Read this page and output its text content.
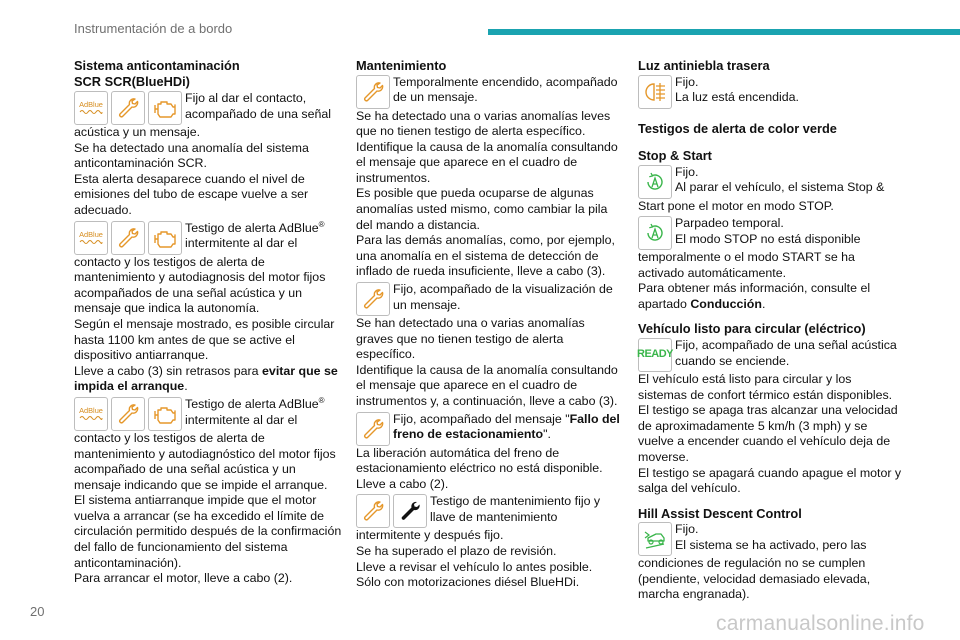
Instrumentación de a bordo
Sistema anticontaminación
SCR SCR(BlueHDi)
AdBlue	Fijo al dar el contacto, acompañado de una señal

acústica y un mensaje.

Se ha detectado una anomalía del sistema anticontaminación SCR.

Esta alerta desaparece cuando el nivel de emisiones del tubo de escape vuelve a ser adecuado.

AdBlue	Testigo de alerta AdBlue® intermitente al dar el

contacto y los testigos de alerta de mantenimiento y autodiagnosis del motor fijos acompañados de una señal acústica y un mensaje que indica la autonomía.

Según el mensaje mostrado, es posible circular hasta 1100 km antes de que se active el dispositivo antiarranque.

Lleve a cabo (3) sin retrasos para evitar que se impida el arranque.

AdBlue	Testigo de alerta AdBlue® intermitente al dar el

contacto y los testigos de alerta de mantenimiento y autodiagnóstico del motor fijos acompañado de una señal acústica y un mensaje indicando que se impide el arranque.

El sistema antiarranque impide que el motor vuelva a arrancar (se ha excedido el límite de circulación permitido después de la confirmación del fallo de funcionamiento del sistema anticontaminación).

Para arrancar el motor, lleve a cabo (2).

Mantenimiento
Temporalmente encendido, acompañado de un mensaje.

Se ha detectado una o varias anomalías leves que no tienen testigo de alerta específico.

Identifique la causa de la anomalía consultando el mensaje que aparece en el cuadro de instrumentos.

Es posible que pueda ocuparse de algunas anomalías usted mismo, como cambiar la pila del mando a distancia.

Para las demás anomalías, como, por ejemplo, una anomalía en el sistema de detección de inflado de rueda insuficiente, lleve a cabo (3).

Fijo, acompañado de la visualización de un mensaje.

Se han detectado una o varias anomalías graves que no tienen testigo de alerta específico.

Identifique la causa de la anomalía consultando el mensaje que aparece en el cuadro de instrumentos y, a continuación, lleve a cabo (3).

Fijo, acompañado del mensaje "Fallo del freno de estacionamiento".

La liberación automática del freno de estacionamiento eléctrico no está disponible.

Lleve a cabo (2).

Testigo de mantenimiento fijo y llave de mantenimiento

intermitente y después fijo.

Se ha superado el plazo de revisión.

Lleve a revisar el vehículo lo antes posible.

Sólo con motorizaciones diésel BlueHDi.

Luz antiniebla trasera
Fijo.
La luz está encendida.
Testigos de alerta de color verde
Stop & Start
Fijo.
Al parar el vehículo, el sistema Stop &

Start pone el motor en modo STOP.

Parpadeo temporal.
El modo STOP no está disponible

temporalmente o el modo START se ha activado automáticamente.

Para obtener más información, consulte el apartado Conducción.

Vehículo listo para circular (eléctrico)
READY
Fijo, acompañado de una señal acústica cuando se enciende.

El vehículo está listo para circular y los sistemas de confort térmico están disponibles.

El testigo se apaga tras alcanzar una velocidad de aproximadamente 5 km/h (3 mph) y se vuelve a encender cuando el vehículo deja de moverse.

El testigo se apagará cuando apague el motor y salga del vehículo.

Hill Assist Descent Control
Fijo.
El sistema se ha activado, pero las

condiciones de regulación no se cumplen (pendiente, velocidad demasiado elevada, marcha engranada).

20
carmanualsonline.info
